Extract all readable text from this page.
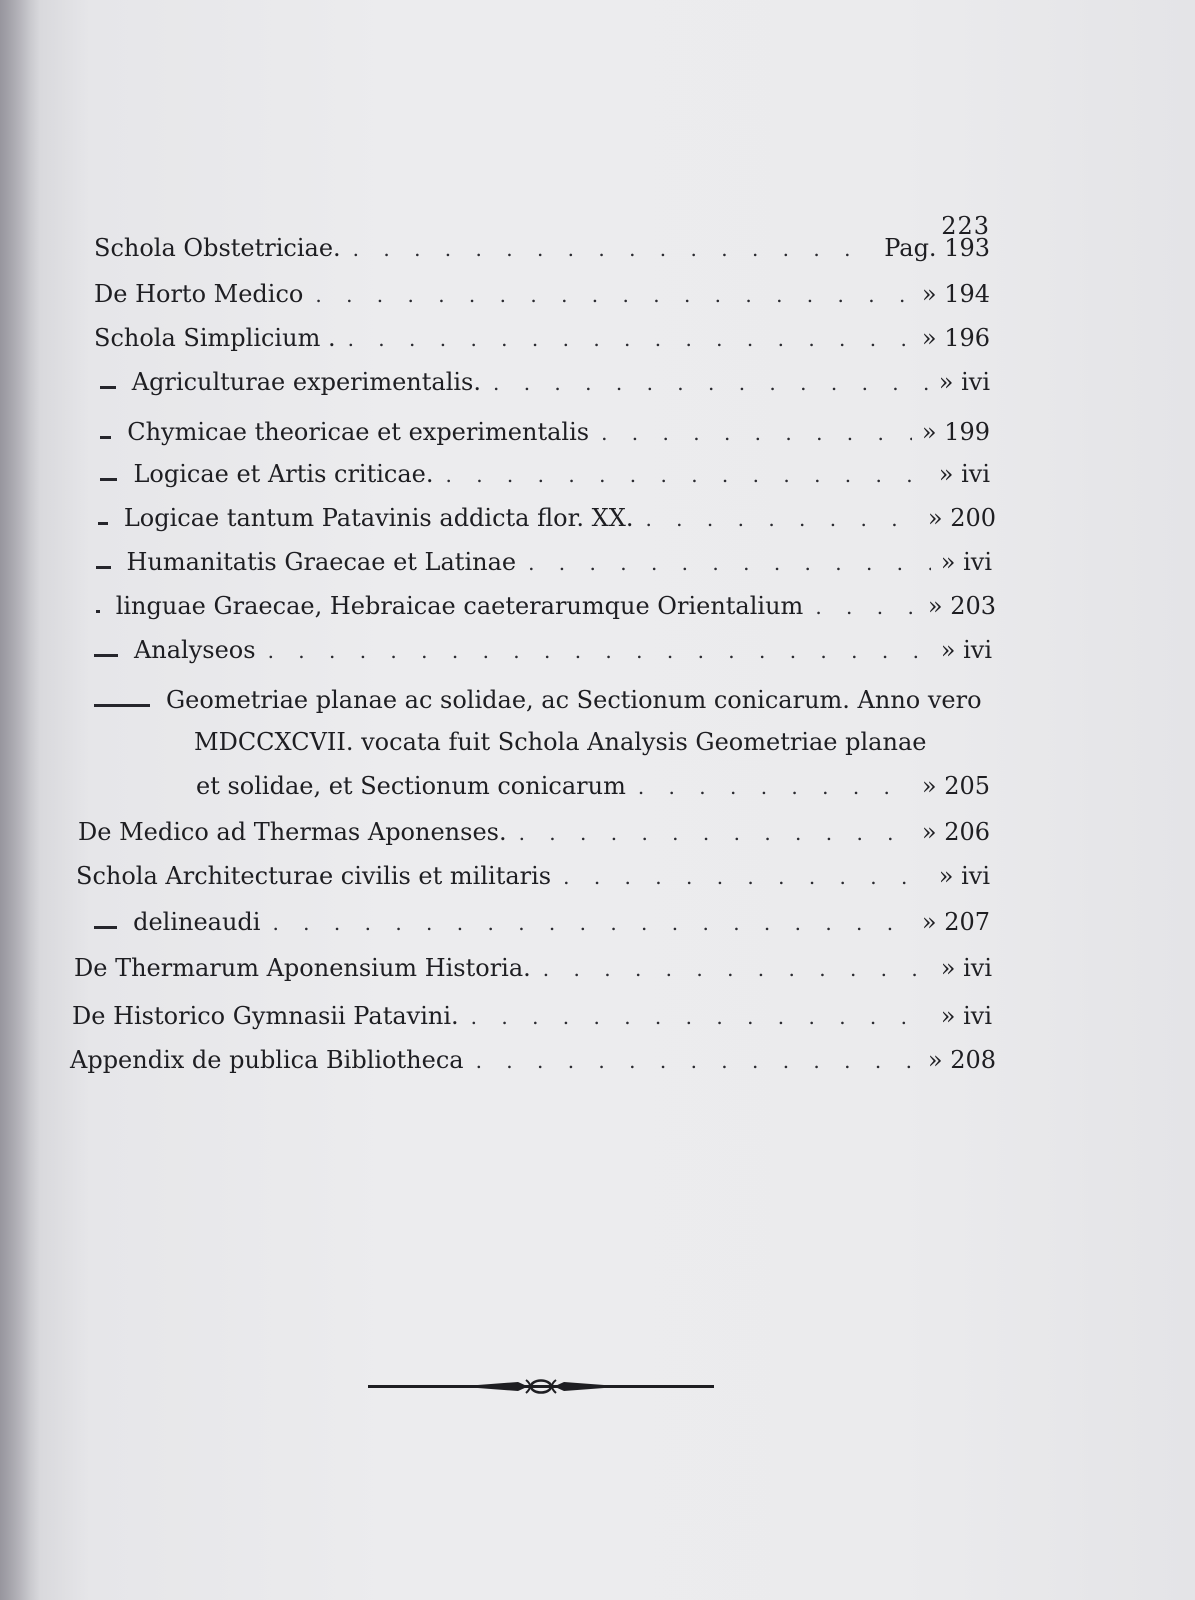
223
Schola Obstetriciae. . . .	Pag. 193
De Horto Medico . . .	» 194
Schola Simplicium . . . .	» 196
Agriculturae experimentalis. . . .	» ivi
Chymicae theoricae et experimentalis . . .	» 199
Logicae et Artis criticae. . . .	» ivi
Logicae tantum Patavinis addicta flor. XX. . . .	» 200
Humanitatis Graecae et Latinae . . .	» ivi
linguae Graecae, Hebraicae caeterarumque Orientalium . . .	» 203
Analyseos . . .	» ivi
Geometriae planae ac solidae, ac Sectionum conicarum. Anno vero
MDCCXCVII. vocata fuit Schola Analysis Geometriae planae
et solidae, et Sectionum conicarum . . .	» 205
De Medico ad Thermas Aponenses. . . .	» 206
Schola Architecturae civilis et militaris . . .	» ivi
delineaudi . . .	» 207
De Thermarum Aponensium Historia. . . .	» ivi
De Historico Gymnasii Patavini. . . .	» ivi
Appendix de publica Bibliotheca . . .	» 208
